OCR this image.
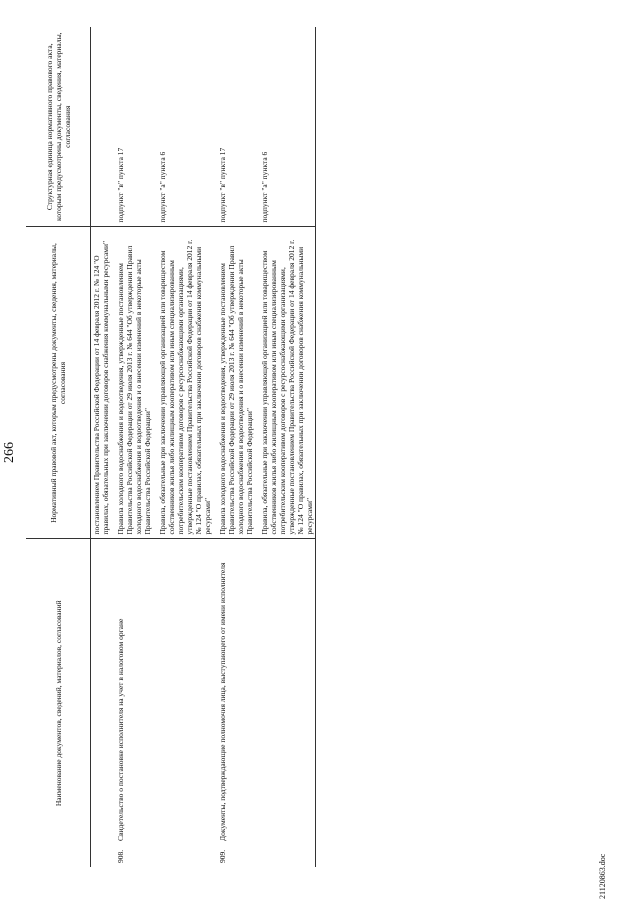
266
Наименование документов, сведений, материалов, согласований	Нормативный правовой акт, которым предусмотрены документы, сведения, материалы, согласования	Структурная единица нормативного правового акта, которым предусмотрены документы, сведения, материалы, согласования
	постановлением Правительства Российской Федерации от 14 февраля 2012 г. № 124 "О правилах, обязательных при заключении договоров снабжения коммунальными ресурсами"	

908.Свидетельство о постановке исполнителя на учет в налоговом органе	Правила холодного водоснабжения и водоотведения, утвержденные постановлением Правительства Российской Федерации от 29 июля 2013 г. № 644 "Об утверждении Правил холодного водоснабжения и водоотведения и о внесении изменений в некоторые акты Правительства Российской Федерации"	подпункт "в" пункта 17

	Правила, обязательные при заключении управляющей организацией или товариществом собственников жилья либо жилищным кооперативом или иным специализированным потребительским кооперативом договоров с ресурсоснабжающими организациями, утвержденные постановлением Правительства Российской Федерации от 14 февраля 2012 г. № 124 "О правилах, обязательных при заключении договоров снабжения коммунальными ресурсами"	подпункт "а" пункта 6

909.Документы, подтверждающие полномочия лица, выступающего от имени исполнителя	Правила холодного водоснабжения и водоотведения, утвержденные постановлением Правительства Российской Федерации от 29 июля 2013 г. № 644 "Об утверждении Правил холодного водоснабжения и водоотведения и о внесении изменений в некоторые акты Правительства Российской Федерации"	подпункт "в" пункта 17

	Правила, обязательные при заключении управляющей организацией или товариществом собственников жилья либо жилищным кооперативом или иным специализированным потребительским кооперативом договоров с ресурсоснабжающими организациями, утвержденные постановлением Правительства Российской Федерации от 14 февраля 2012 г. № 124 "О правилах, обязательных при заключении договоров снабжения коммунальными ресурсами"	подпункт "а" пункта 6
21120863.doc
